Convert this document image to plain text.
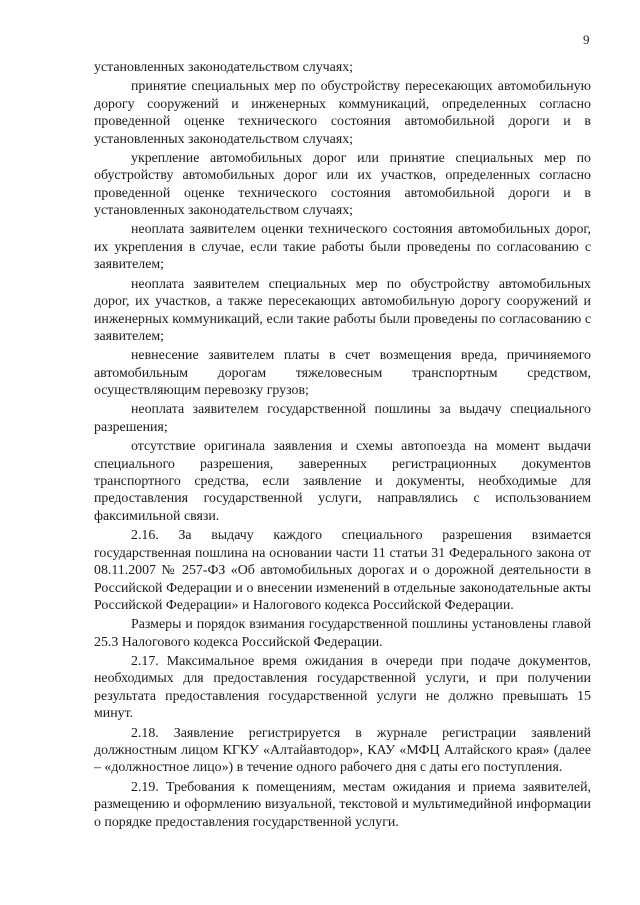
9

установленных законодательством случаях;

принятие специальных мер по обустройству пересекающих автомобильную дорогу сооружений и инженерных коммуникаций, определенных согласно проведенной оценке технического состояния автомобильной дороги и в установленных законодательством случаях;

укрепление автомобильных дорог или принятие специальных мер по обустройству автомобильных дорог или их участков, определенных согласно проведенной оценке технического состояния автомобильной дороги и в установленных законодательством случаях;

неоплата заявителем оценки технического состояния автомобильных дорог, их укрепления в случае, если такие работы были проведены по согласованию с заявителем;

неоплата заявителем специальных мер по обустройству автомобильных дорог, их участков, а также пересекающих автомобильную дорогу сооружений и инженерных коммуникаций, если такие работы были проведены по согласованию с заявителем;

невнесение заявителем платы в счет возмещения вреда, причиняемого автомобильным дорогам тяжеловесным транспортным средством, осуществляющим перевозку грузов;

неоплата заявителем государственной пошлины за выдачу специального разрешения;

отсутствие оригинала заявления и схемы автопоезда на момент выдачи специального разрешения, заверенных регистрационных документов транспортного средства, если заявление и документы, необходимые для предоставления государственной услуги, направлялись с использованием факсимильной связи.

2.16. За выдачу каждого специального разрешения взимается государственная пошлина на основании части 11 статьи 31 Федерального закона от 08.11.2007 № 257-ФЗ «Об автомобильных дорогах и о дорожной деятельности в Российской Федерации и о внесении изменений в отдельные законодательные акты Российской Федерации» и Налогового кодекса Российской Федерации.

Размеры и порядок взимания государственной пошлины установлены главой 25.3 Налогового кодекса Российской Федерации.

2.17. Максимальное время ожидания в очереди при подаче документов, необходимых для предоставления государственной услуги, и при получении результата предоставления государственной услуги не должно превышать 15 минут.

2.18. Заявление регистрируется в журнале регистрации заявлений должностным лицом КГКУ «Алтайавтодор», КАУ «МФЦ Алтайского края» (далее – «должностное лицо») в течение одного рабочего дня с даты его поступления.

2.19. Требования к помещениям, местам ожидания и приема заявителей, размещению и оформлению визуальной, текстовой и мультимедийной информации о порядке предоставления государственной услуги.
